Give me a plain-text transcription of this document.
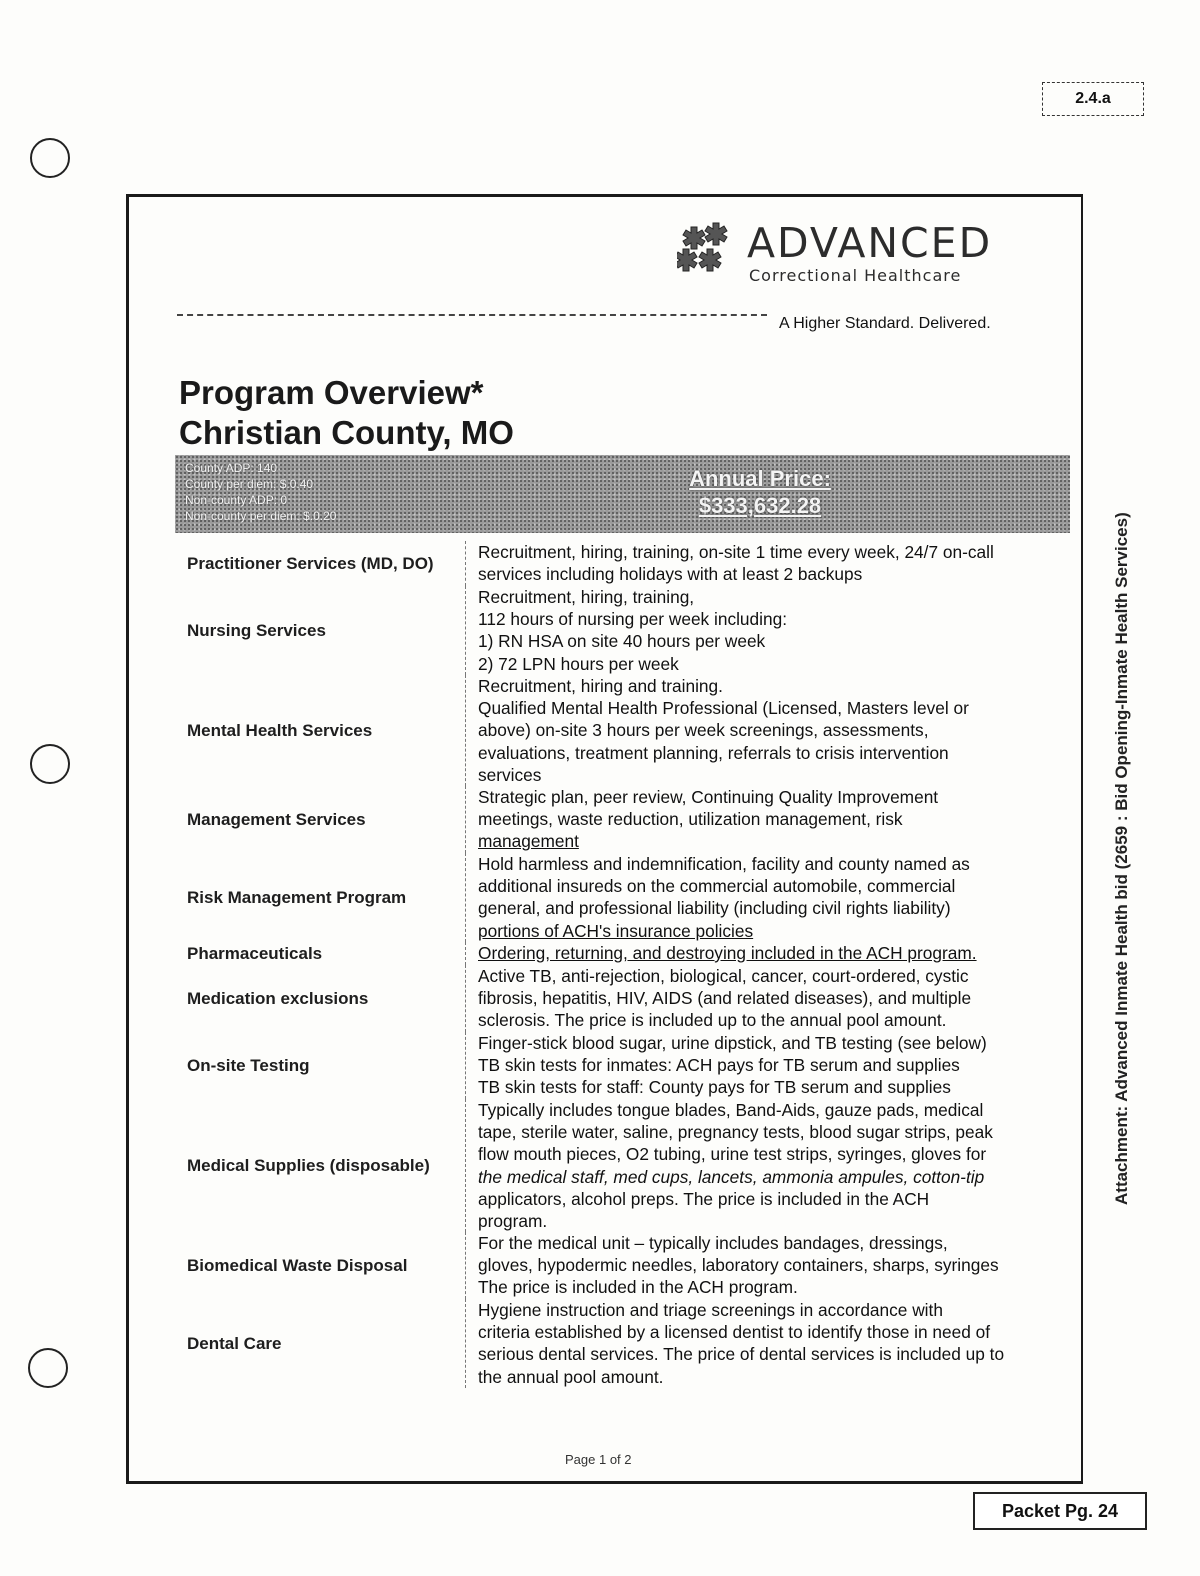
2.4.a
Attachment: Advanced Inmate Health bid (2659 : Bid Opening-Inmate Health Services)
Packet Pg. 24
ADVANCED
Correctional Healthcare
A Higher Standard. Delivered.
Program Overview*
Christian County, MO
County ADP: 140
County per diem: $.0.40
Non-county ADP: 0
Non-county per diem: $.0.20
Annual Price:
$333,632.28
Practitioner Services (MD, DO)
Recruitment, hiring, training, on-site 1 time every week, 24/7 on-call
services including holidays with at least 2 backups
Nursing Services
Recruitment, hiring, training,
112 hours of nursing per week including:
1) RN HSA on site 40 hours per week
2) 72 LPN hours per week
Mental Health Services
Recruitment, hiring and training.
Qualified Mental Health Professional (Licensed, Masters level or
above) on-site 3 hours per week screenings, assessments,
evaluations, treatment planning, referrals to crisis intervention
services
Management Services
Strategic plan, peer review, Continuing Quality Improvement
meetings, waste reduction, utilization management, risk
management
Risk Management Program
Hold harmless and indemnification, facility and county named as
additional insureds on the commercial automobile, commercial
general, and professional liability (including civil rights liability)
portions of ACH's insurance policies
Pharmaceuticals	Ordering, returning, and destroying included in the ACH program.
Medication exclusions
Active TB, anti-rejection, biological, cancer, court-ordered, cystic
fibrosis, hepatitis, HIV, AIDS (and related diseases), and multiple
sclerosis. The price is included up to the annual pool amount.
On-site Testing
Finger-stick blood sugar, urine dipstick, and TB testing (see below)
TB skin tests for inmates: ACH pays for TB serum and supplies
TB skin tests for staff: County pays for TB serum and supplies
Medical Supplies (disposable)
Typically includes tongue blades, Band-Aids, gauze pads, medical
tape, sterile water, saline, pregnancy tests, blood sugar strips, peak
flow mouth pieces, O2 tubing, urine test strips, syringes, gloves for
the medical staff, med cups, lancets, ammonia ampules, cotton-tip
applicators, alcohol preps. The price is included in the ACH
program.
Biomedical Waste Disposal
For the medical unit – typically includes bandages, dressings,
gloves, hypodermic needles, laboratory containers, sharps, syringes
The price is included in the ACH program.
Dental Care
Hygiene instruction and triage screenings in accordance with
criteria established by a licensed dentist to identify those in need of
serious dental services. The price of dental services is included up to
the annual pool amount.
Page 1 of 2
